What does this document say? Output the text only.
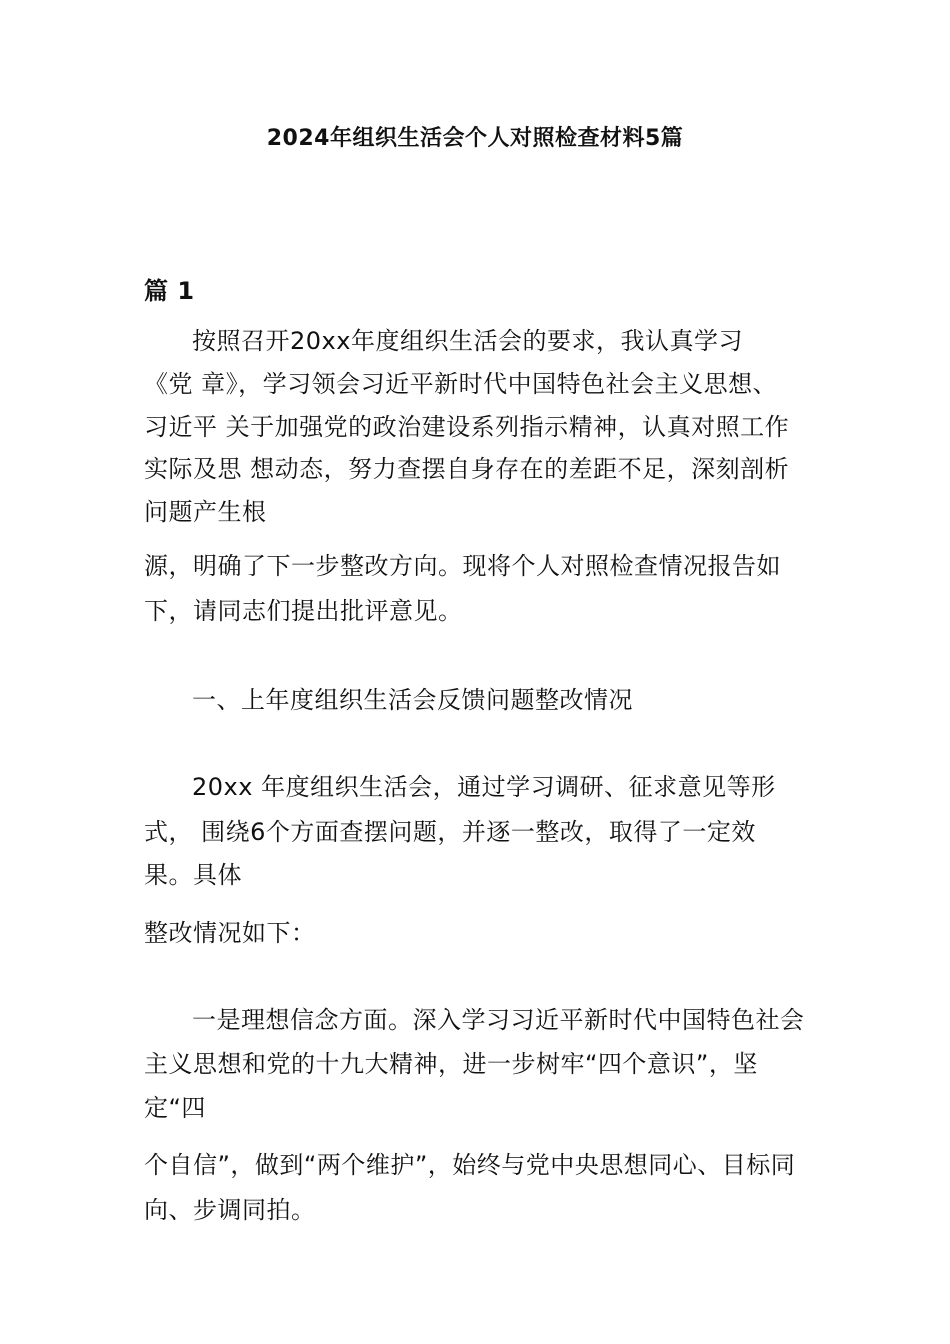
2024年组织生活会个人对照检查材料5篇
篇 1
按照召开20xx年度组织生活会的要求，我认真学习
《党 章》，学习领会习近平新时代中国特色社会主义思想、
习近平 关于加强党的政治建设系列指示精神，认真对照工作
实际及思 想动态，努力查摆自身存在的差距不足，深刻剖析
问题产生根
源，明确了下一步整改方向。现将个人对照检查情况报告如
下，请同志们提出批评意见。
一、上年度组织生活会反馈问题整改情况
20xx 年度组织生活会，通过学习调研、征求意见等形
式， 围绕6个方面查摆问题，并逐一整改，取得了一定效
果。具体
整改情况如下：
一是理想信念方面。深入学习习近平新时代中国特色社会
主义思想和党的十九大精神，进一步树牢“四个意识”，坚
定“四
个自信”，做到“两个维护”，始终与党中央思想同心、目标同
向、步调同拍。
